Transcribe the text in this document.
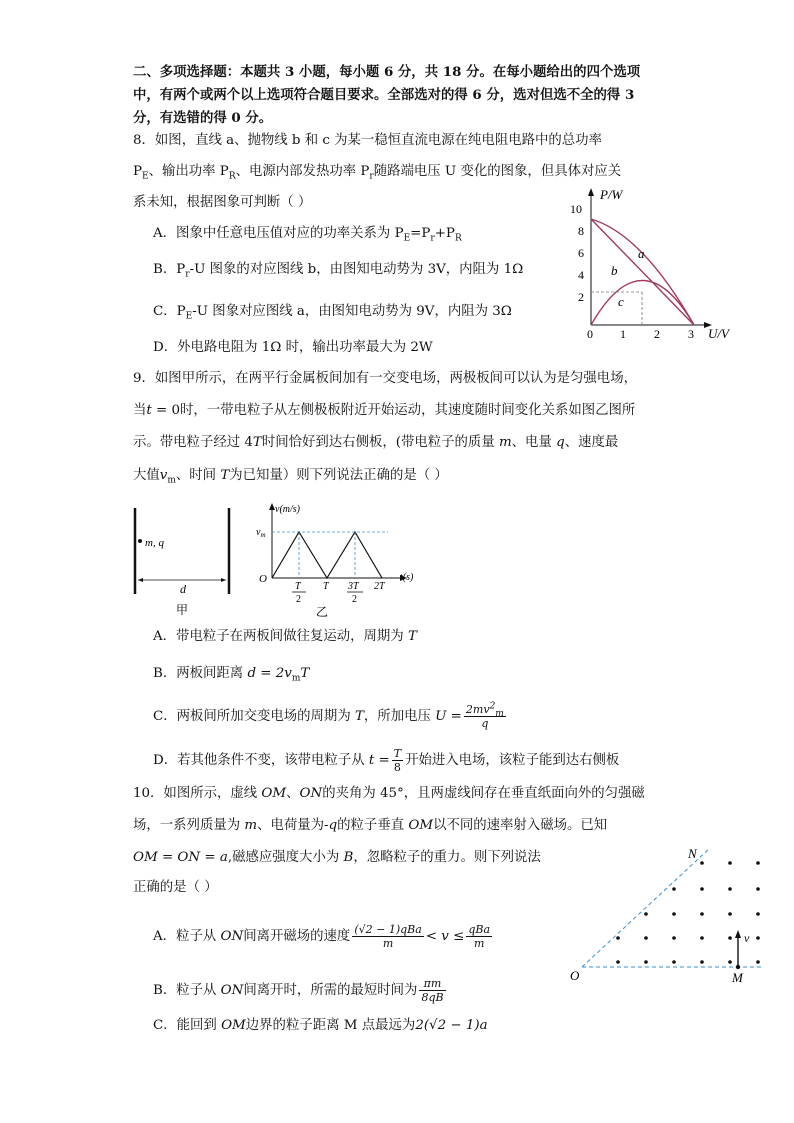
二、多项选择题：本题共 3 小题，每小题 6 分，共 18 分。在每小题给出的四个选项
中，有两个或两个以上选项符合题目要求。全部选对的得 6 分，选对但选不全的得 3
分，有选错的得 0 分。
8．如图，直线 a、抛物线 b 和 c 为某一稳恒直流电源在纯电阻电路中的总功率
$P_E$、输出功率 $P_R$、电源内部发热功率 $P_r$随路端电压 U 变化的图象，但具体对应关
系未知，根据图象可判断（ ）
A．图象中任意电压值对应的功率关系为 $P_E=P_r+P_R$
B．$P_r-U$ 图象的对应图线 b，由图知电动势为 3V，内阻为 1Ω
C．$P_E-U$ 图象对应图线 a，由图知电动势为 9V，内阻为 3Ω
D．外电路电阻为 1Ω 时，输出功率最大为 2W
P/W
U/V
10
8
6
4
2
0 1 2 3
a
b
c
9．如图甲所示，在两平行金属板间加有一交变电场，两极板间可以认为是匀强电场，
当t = 0时，一带电粒子从左侧极板附近开始运动，其速度随时间变化关系如图乙图所
示。带电粒子经过 4T时间恰好到达右侧板，(带电粒子的质量 m、电量 q、速度最
大值$v_m$、时间 T为已知量）则下列说法正确的是（ ）
m, q
d
甲
v(m/s)
$v_m$
O	t(s)
T
2
T 3T
2
2T
乙
A．带电粒子在两板间做往复运动，周期为 T
B．两板间距离 $d = 2v_mT$
C．两板间所加交变电场的周期为 T，所加电压 $U = \frac{2mv^2_m}{q}$
D．若其他条件不变，该带电粒子从 $t = \frac{T}{8}$ 开始进入电场，该粒子能到达右侧板
10．如图所示，虚线 OM、ON的夹角为 45°，且两虚线间存在垂直纸面向外的匀强磁
场，一系列质量为 m、电荷量为-q的粒子垂直 OM以不同的速率射入磁场。已知
OM = ON = a,磁感应强度大小为 B，忽略粒子的重力。则下列说法
正确的是（ ）
A．粒子从 ON间离开磁场的速度 $\frac{\text{(√2 − 1)qBa}}{m} < v \le \frac{\text{qBa}}{m}$
B．粒子从 ON间离开时，所需的最短时间为 $\frac{\pi m}{8qB}$
C．能回到 OM边界的粒子距离 M 点最远为2(√2 − 1)a
v
O	M
N
